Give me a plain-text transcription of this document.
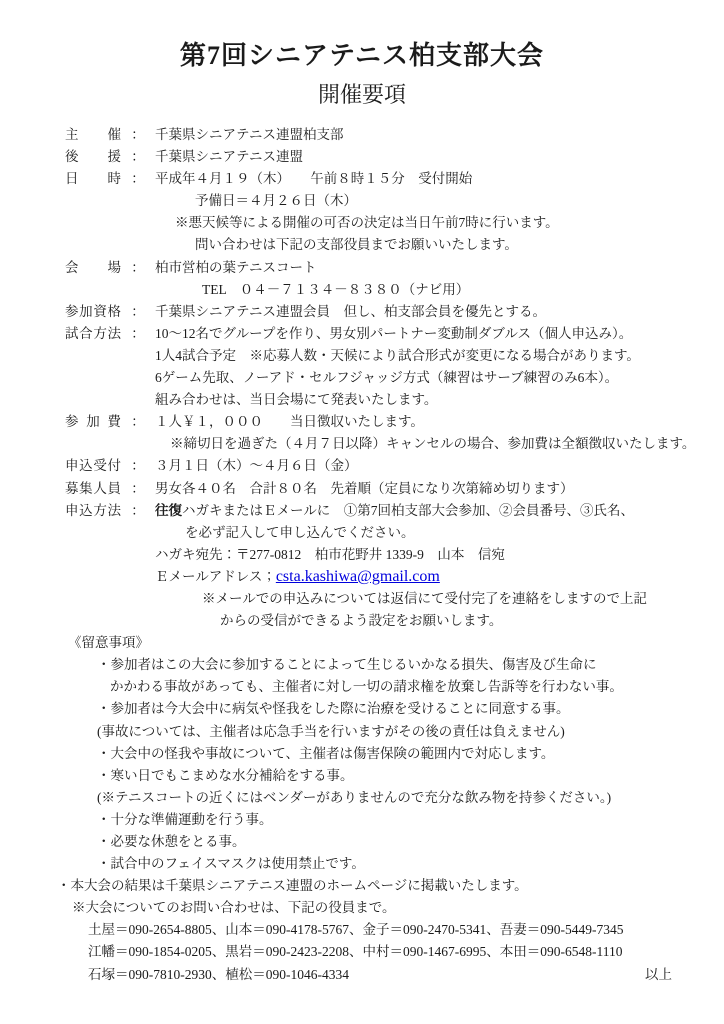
第7回シニアテニス柏支部大会
開催要項
主　催 ： 千葉県シニアテニス連盟柏支部
後　援 ： 千葉県シニアテニス連盟
日　時 ： 平成年４月１９（木）　　午前８時１５分　受付開始
予備日＝４月２６日（木）
※悪天候等による開催の可否の決定は当日午前7時に行います。
問い合わせは下記の支部役員までお願いいたします。
会　場 ： 柏市営柏の葉テニスコート
TEL　０４－７１３４－８３８０（ナビ用）
参加資格 ： 千葉県シニアテニス連盟会員　但し、柏支部会員を優先とする。
試合方法 ： 10～12名でグループを作り、男女別パートナー変動制ダブルス（個人申込み）。
1人4試合予定　※応募人数・天候により試合形式が変更になる場合があります。
6ゲーム先取、ノーアド・セルフジャッジ方式（練習はサーブ練習のみ6本）。
組み合わせは、当日会場にて発表いたします。
参加費 ： １人￥１，０００　　当日徴収いたします。
※締切日を過ぎた（４月７日以降）キャンセルの場合、参加費は全額徴収いたします。
申込受付 ： ３月１日（木）～４月６日（金）
募集人員 ： 男女各４０名　合計８０名　先着順（定員になり次第締め切ります）
申込方法 ： 往復ハガキまたはＥメールに　①第7回柏支部大会参加、②会員番号、③氏名、
を必ず記入して申し込んでください。
ハガキ宛先：〒277-0812　柏市花野井 1339-9　山本　信宛
Ｅメールアドレス；csta.kashiwa@gmail.com
※メールでの申込みについては返信にて受付完了を連絡をしますので上記
からの受信ができるよう設定をお願いします。
《留意事項》
・参加者はこの大会に参加することによって生じるいかなる損失、傷害及び生命に
かかわる事故があっても、主催者に対し一切の請求権を放棄し告訴等を行わない事。
・参加者は今大会中に病気や怪我をした際に治療を受けることに同意する事。
(事故については、主催者は応急手当を行いますがその後の責任は負えません)
・大会中の怪我や事故について、主催者は傷害保険の範囲内で対応します。
・寒い日でもこまめな水分補給をする事。
(※テニスコートの近くにはベンダーがありませんので充分な飲み物を持参ください。)
・十分な準備運動を行う事。
・必要な休憩をとる事。
・試合中のフェイスマスクは使用禁止です。
・本大会の結果は千葉県シニアテニス連盟のホームページに掲載いたします。
※大会についてのお問い合わせは、下記の役員まで。
土屋＝090-2654-8805、山本＝090-4178-5767、金子＝090-2470-5341、吾妻＝090-5449-7345
江幡＝090-1854-0205、黒岩＝090-2423-2208、中村＝090-1467-6995、本田＝090-6548-1110
石塚＝090-7810-2930、植松＝090-1046-4334	以上
